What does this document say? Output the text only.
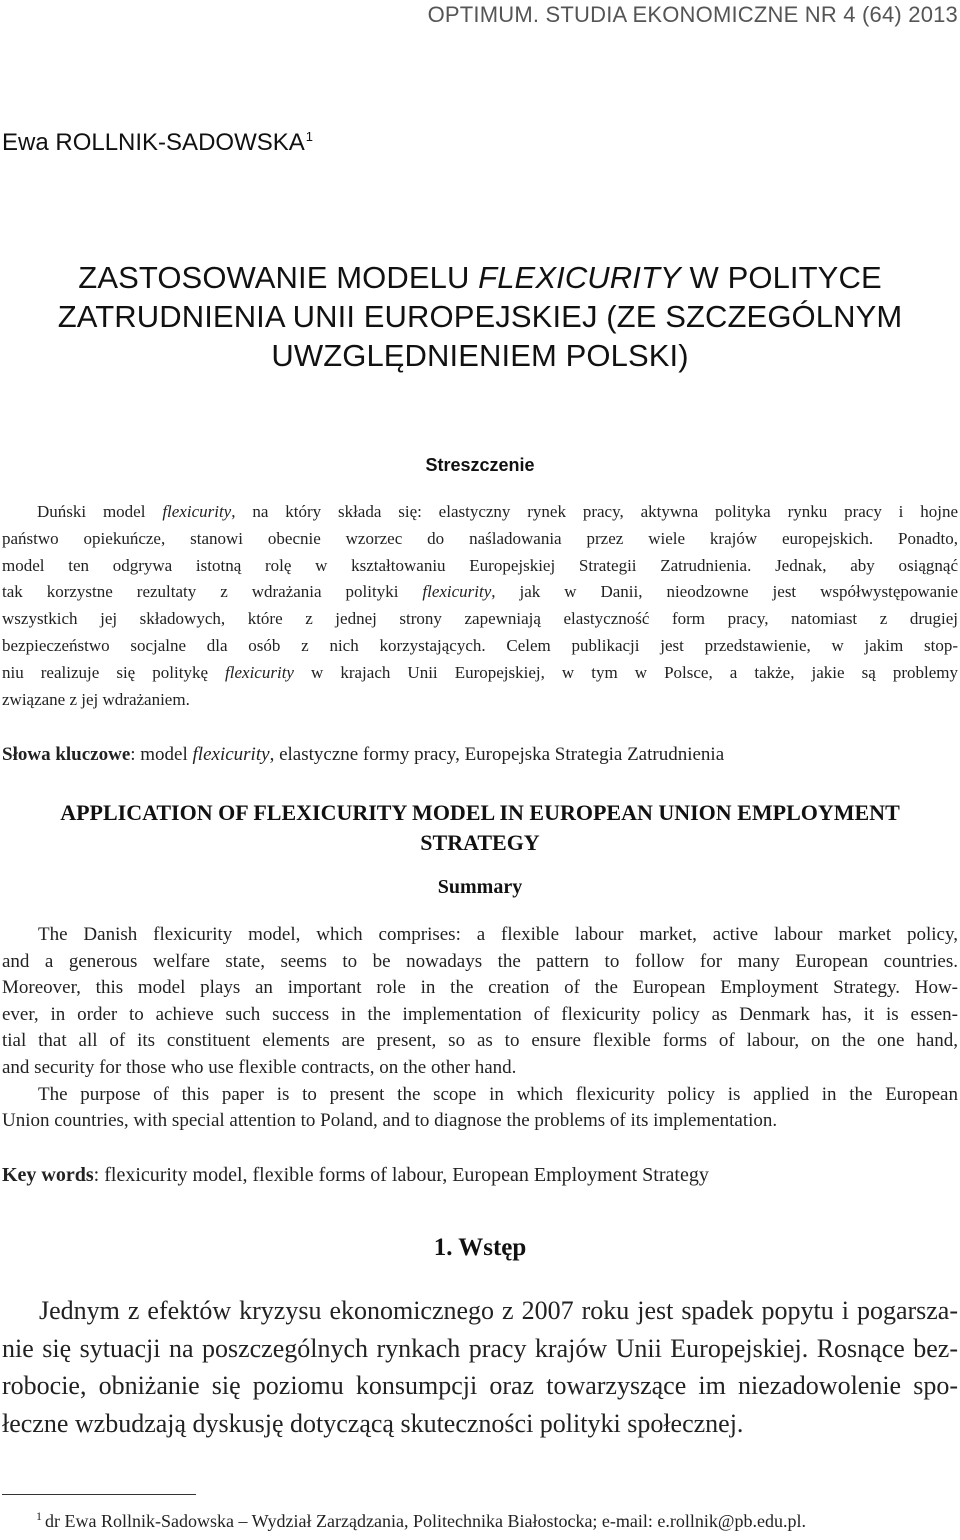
OPTIMUM. STUDIA EKONOMICZNE NR 4 (64) 2013
Ewa ROLLNIK-SADOWSKA$^1$
ZASTOSOWANIE MODELU FLEXICURITY W POLITYCE
ZATRUDNIENIA UNII EUROPEJSKIEJ (ZE SZCZEGÓLNYM
UWZGLĘDNIENIEM POLSKI)
Streszczenie
Duński model flexicurity, na który składa się: elastyczny rynek pracy, aktywna polityka rynku pracy i hojne
państwo opiekuńcze, stanowi obecnie wzorzec do naśladowania przez wiele krajów europejskich. Ponadto,
model ten odgrywa istotną rolę w kształtowaniu Europejskiej Strategii Zatrudnienia. Jednak, aby osiągnąć
tak korzystne rezultaty z wdrażania polityki flexicurity, jak w Danii, nieodzowne jest współwystępowanie
wszystkich jej składowych, które z jednej strony zapewniają elastyczność form pracy, natomiast z drugiej
bezpieczeństwo socjalne dla osób z nich korzystających. Celem publikacji jest przedstawienie, w jakim stop-
niu realizuje się politykę flexicurity w krajach Unii Europejskiej, w tym w Polsce, a także, jakie są problemy
związane z jej wdrażaniem.
Słowa kluczowe: model flexicurity, elastyczne formy pracy, Europejska Strategia Zatrudnienia
APPLICATION OF FLEXICURITY MODEL IN EUROPEAN UNION EMPLOYMENT
STRATEGY
Summary
The Danish flexicurity model, which comprises: a flexible labour market, active labour market policy,
and a generous welfare state, seems to be nowadays the pattern to follow for many European countries.
Moreover, this model plays an important role in the creation of the European Employment Strategy. How-
ever, in order to achieve such success in the implementation of flexicurity policy as Denmark has, it is essen-
tial that all of its constituent elements are present, so as to ensure flexible forms of labour, on the one hand,
and security for those who use flexible contracts, on the other hand.
The purpose of this paper is to present the scope in which flexicurity policy is applied in the European
Union countries, with special attention to Poland, and to diagnose the problems of its implementation.
Key words: flexicurity model, flexible forms of labour, European Employment Strategy
1. Wstęp
Jednym z efektów kryzysu ekonomicznego z 2007 roku jest spadek popytu i pogarsza-
nie się sytuacji na poszczególnych rynkach pracy krajów Unii Europejskiej. Rosnące bez-
robocie, obniżanie się poziomu konsumpcji oraz towarzyszące im niezadowolenie spo-
łeczne wzbudzają dyskusję dotyczącą skuteczności polityki społecznej.
$^1$ dr Ewa Rollnik-Sadowska – Wydział Zarządzania, Politechnika Białostocka; e-mail: e.rollnik@pb.edu.pl.
